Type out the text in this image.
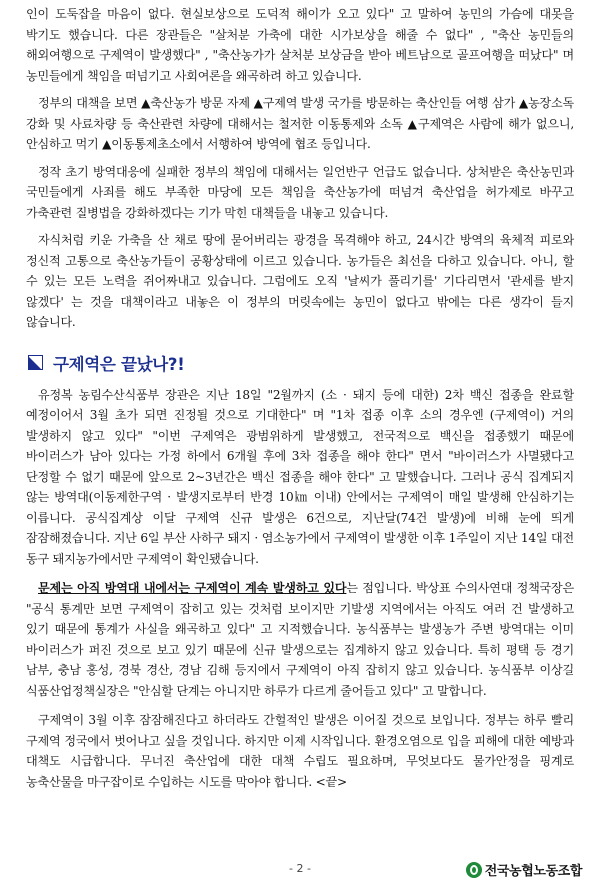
인이 도둑잡을 마음이 없다. 현실보상으로 도덕적 해이가 오고 있다" 고 말하여 농민의 가슴에 대못을 박기도 했습니다. 다른 장관들은 "살처분 가축에 대한 시가보상을 해줄 수 없다" , "축산 농민들의 해외여행으로 구제역이 발생했다" , "축산농가가 살처분 보상금을 받아 베트남으로 골프여행을 떠났다" 며 농민들에게 책임을 떠넘기고 사회여론을 왜곡하려 하고 있습니다.

정부의 대책을 보면 ▲축산농가 방문 자제 ▲구제역 발생 국가를 방문하는 축산인들 여행 삼가 ▲농장소독 강화 및 사료차량 등 축산관련 차량에 대해서는 철저한 이동통제와 소독 ▲구제역은 사람에 해가 없으니, 안심하고 먹기 ▲이동통제초소에서 서행하여 방역에 협조 등입니다.

정작 초기 방역대응에 실패한 정부의 책임에 대해서는 일언반구 언급도 없습니다. 상처받은 축산농민과 국민들에게 사죄를 해도 부족한 마당에 모든 책임을 축산농가에 떠넘겨 축산업을 허가제로 바꾸고 가축관련 질병법을 강화하겠다는 기가 막힌 대책들을 내놓고 있습니다.

자식처럼 키운 가축을 산 채로 땅에 묻어버리는 광경을 목격해야 하고, 24시간 방역의 육체적 피로와 정신적 고통으로 축산농가들이 공황상태에 이르고 있습니다. 농가들은 최선을 다하고 있습니다. 아니, 할 수 있는 모든 노력을 쥐어짜내고 있습니다. 그럼에도 오직 '날씨가 풀리기를' 기다리면서 '관세를 받지 않겠다' 는 것을 대책이라고 내놓은 이 정부의 머릿속에는 농민이 없다고 밖에는 다른 생각이 들지 않습니다.

구제역은 끝났나?!

유정복 농림수산식품부 장관은 지난 18일 "2월까지 (소 · 돼지 등에 대한) 2차 백신 접종을 완료할 예정이어서 3월 초가 되면 진정될 것으로 기대한다" 며 "1차 접종 이후 소의 경우엔 (구제역이) 거의 발생하지 않고 있다" "이번 구제역은 광범위하게 발생했고, 전국적으로 백신을 접종했기 때문에 바이러스가 남아 있다는 가정 하에서 6개월 후에 3차 접종을 해야 한다" 면서 "바이러스가 사멸됐다고 단정할 수 없기 때문에 앞으로 2~3년간은 백신 접종을 해야 한다" 고 말했습니다. 그러나 공식 집계되지 않는 방역대(이동제한구역 · 발생지로부터 반경 10㎞ 이내) 안에서는 구제역이 매일 발생해 안심하기는 이릅니다. 공식집계상 이달 구제역 신규 발생은 6건으로, 지난달(74건 발생)에 비해 눈에 띄게 잠잠해졌습니다. 지난 6일 부산 사하구 돼지 · 염소농가에서 구제역이 발생한 이후 1주일이 지난 14일 대전 동구 돼지농가에서만 구제역이 확인됐습니다.

문제는 아직 방역대 내에서는 구제역이 계속 발생하고 있다는 점입니다. 박상표 수의사연대 정책국장은 "공식 통계만 보면 구제역이 잡히고 있는 것처럼 보이지만 기발생 지역에서는 아직도 여러 건 발생하고 있기 때문에 통계가 사실을 왜곡하고 있다" 고 지적했습니다. 농식품부는 발생농가 주변 방역대는 이미 바이러스가 퍼진 것으로 보고 있기 때문에 신규 발생으로는 집계하지 않고 있습니다. 특히 평택 등 경기 남부, 충남 홍성, 경북 경산, 경남 김해 등지에서 구제역이 아직 잡히지 않고 있습니다. 농식품부 이상길 식품산업정책실장은 "안심할 단계는 아니지만 하루가 다르게 줄어들고 있다" 고 말합니다.

구제역이 3월 이후 잠잠해진다고 하더라도 간헐적인 발생은 이어질 것으로 보입니다. 정부는 하루 빨리 구제역 정국에서 벗어나고 싶을 것입니다. 하지만 이제 시작입니다. 환경오염으로 입을 피해에 대한 예방과 대책도 시급합니다. 무너진 축산업에 대한 대책 수립도 필요하며, 무엇보다도 물가안정을 핑계로 농축산물을 마구잡이로 수입하는 시도를 막아야 합니다. <끝>

- 2 -	전국농협노동조합
